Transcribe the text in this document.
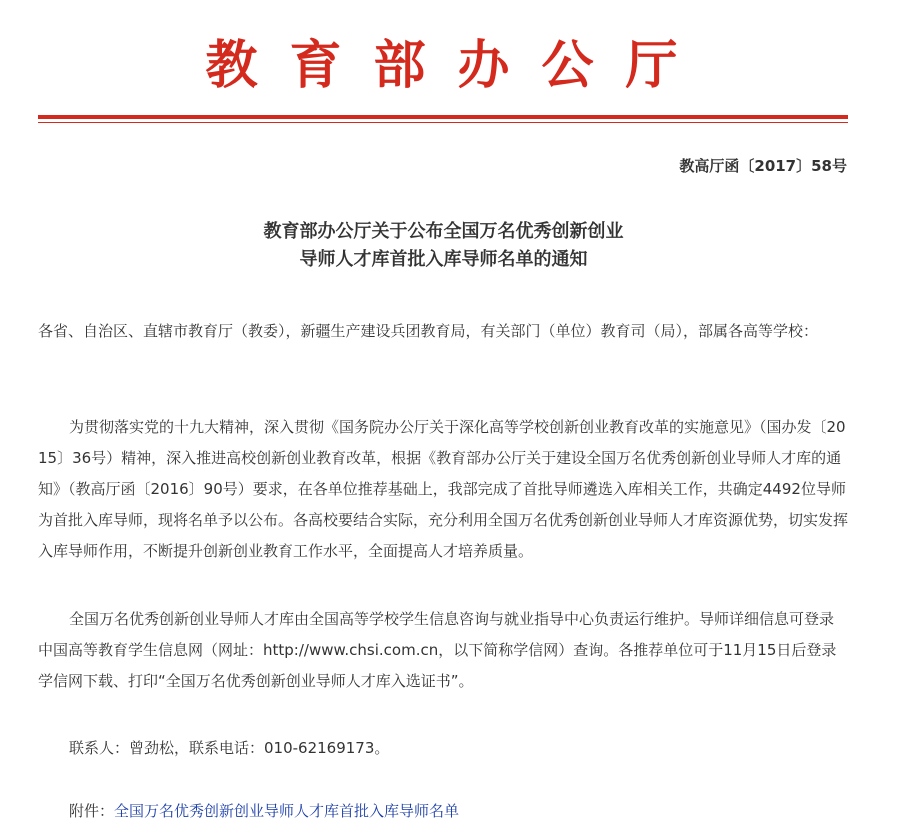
教育部办公厅
教高厅函〔2017〕58号
教育部办公厅关于公布全国万名优秀创新创业
导师人才库首批入库导师名单的通知
各省、自治区、直辖市教育厅（教委），新疆生产建设兵团教育局，有关部门（单位）教育司（局），部属各高等学校：
为贯彻落实党的十九大精神，深入贯彻《国务院办公厅关于深化高等学校创新创业教育改革的实施意见》（国办发〔2015〕36号）精神，深入推进高校创新创业教育改革，根据《教育部办公厅关于建设全国万名优秀创新创业导师人才库的通知》（教高厅函〔2016〕90号）要求，在各单位推荐基础上，我部完成了首批导师遴选入库相关工作，共确定4492位导师为首批入库导师，现将名单予以公布。各高校要结合实际，充分利用全国万名优秀创新创业导师人才库资源优势，切实发挥入库导师作用，不断提升创新创业教育工作水平，全面提高人才培养质量。
全国万名优秀创新创业导师人才库由全国高等学校学生信息咨询与就业指导中心负责运行维护。导师详细信息可登录中国高等教育学生信息网（网址：http://www.chsi.com.cn，以下简称学信网）查询。各推荐单位可于11月15日后登录学信网下载、打印“全国万名优秀创新创业导师人才库入选证书”。
联系人：曾劲松，联系电话：010-62169173。
附件：全国万名优秀创新创业导师人才库首批入库导师名单
